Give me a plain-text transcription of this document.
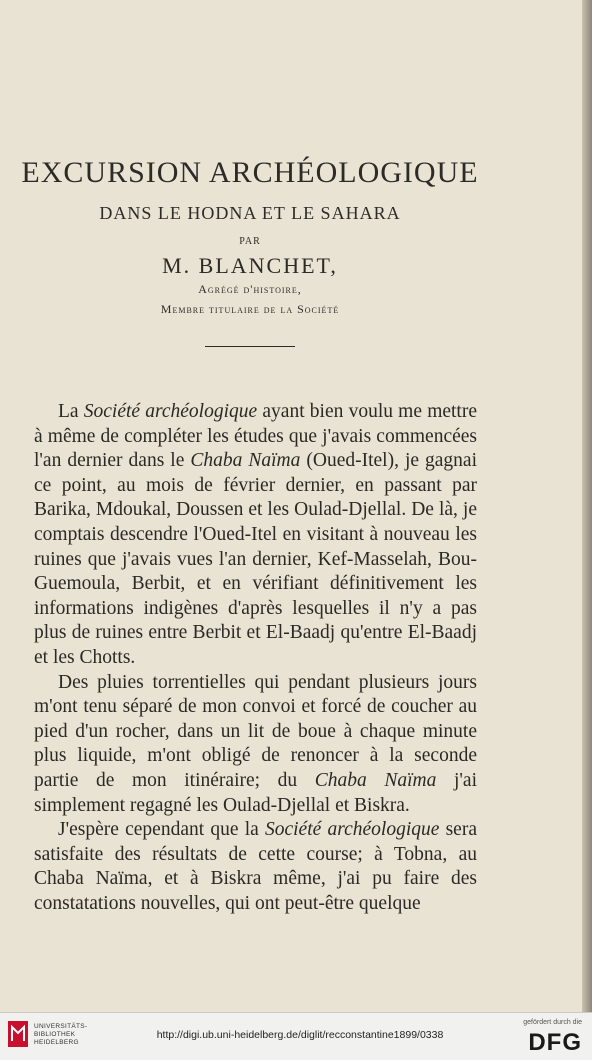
EXCURSION ARCHÉOLOGIQUE
DANS LE HODNA ET LE SAHARA
PAR
M. BLANCHET,
Agrégé d'histoire,
Membre titulaire de la Société

La Société archéologique ayant bien voulu me mettre à même de compléter les études que j'avais commencées l'an dernier dans le Chaba Naïma (Oued-Itel), je gagnai ce point, au mois de février dernier, en passant par Barika, Mdoukal, Doussen et les Oulad-Djellal. De là, je comptais descendre l'Oued-Itel en visitant à nouveau les ruines que j'avais vues l'an dernier, Kef-Masselah, Bou-Guemoula, Berbit, et en vérifiant définitivement les informations indigènes d'après lesquelles il n'y a pas plus de ruines entre Berbit et El-Baadj qu'entre El-Baadj et les Chotts.

Des pluies torrentielles qui pendant plusieurs jours m'ont tenu séparé de mon convoi et forcé de coucher au pied d'un rocher, dans un lit de boue à chaque minute plus liquide, m'ont obligé de renoncer à la seconde partie de mon itinéraire; du Chaba Naïma j'ai simplement regagné les Oulad-Djellal et Biskra.

J'espère cependant que la Société archéologique sera satisfaite des résultats de cette course; à Tobna, au Chaba Naïma, et à Biskra même, j'ai pu faire des constatations nouvelles, qui ont peut-être quelque

UNIVERSITÄTS-
BIBLIOTHEK
HEIDELBERG
http://digi.ub.uni-heidelberg.de/diglit/recconstantine1899/0338
gefördert durch die
DFG
